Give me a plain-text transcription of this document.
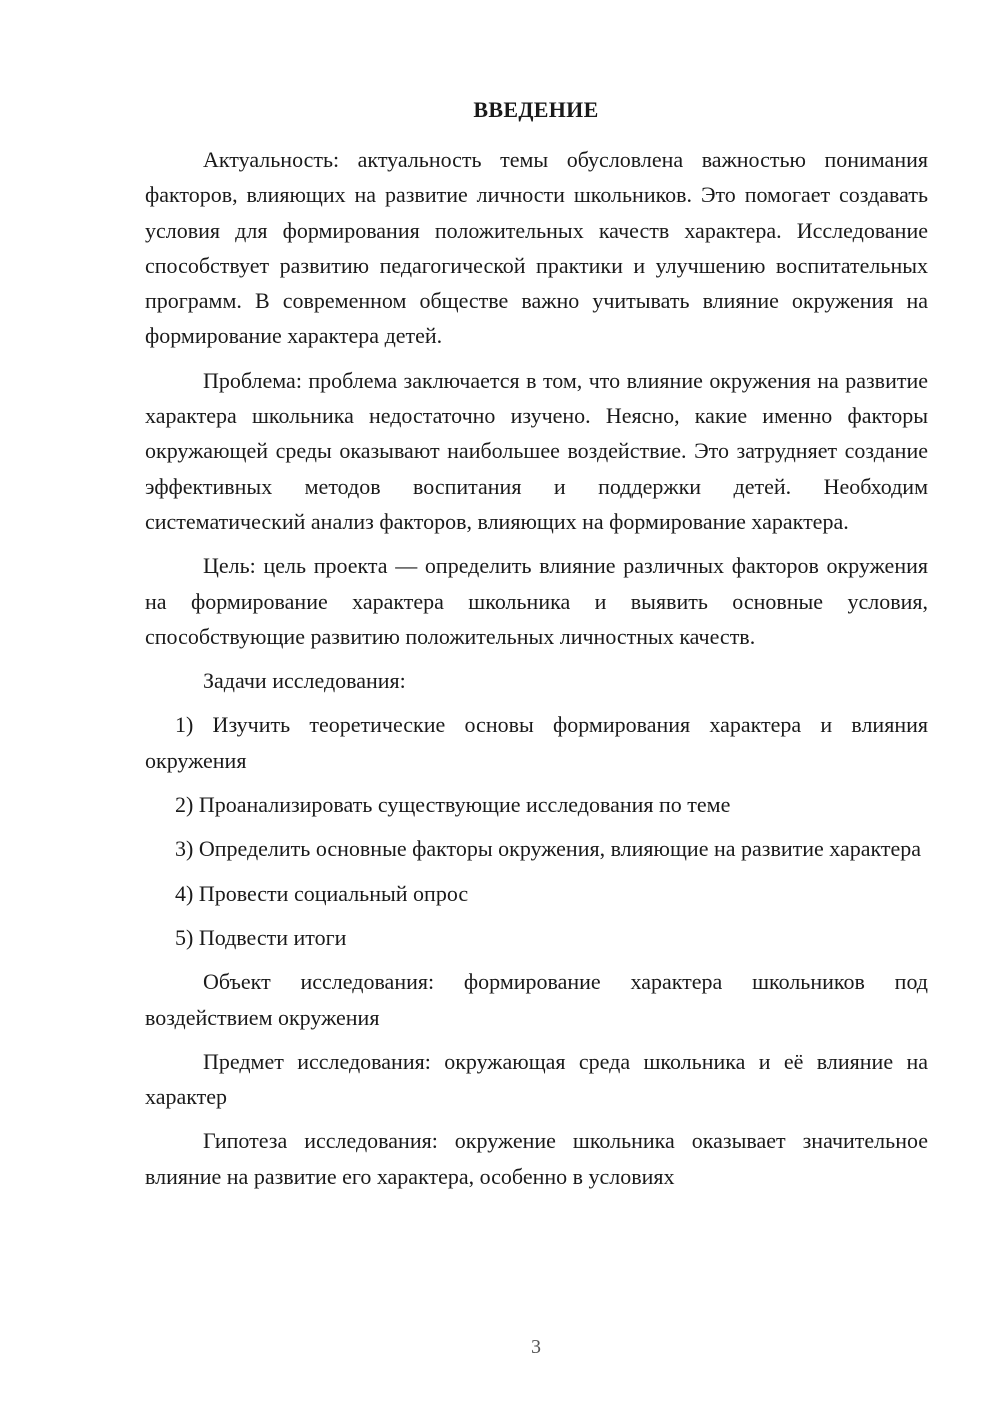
ВВЕДЕНИЕ

Актуальность: актуальность темы обусловлена важностью понимания факторов, влияющих на развитие личности школьников. Это помогает создавать условия для формирования положительных качеств характера. Исследование способствует развитию педагогической практики и улучшению воспитательных программ. В современном обществе важно учитывать влияние окружения на формирование характера детей.

Проблема: проблема заключается в том, что влияние окружения на развитие характера школьника недостаточно изучено. Неясно, какие именно факторы окружающей среды оказывают наибольшее воздействие. Это затрудняет создание эффективных методов воспитания и поддержки детей. Необходим систематический анализ факторов, влияющих на формирование характера.

Цель: цель проекта — определить влияние различных факторов окружения на формирование характера школьника и выявить основные условия, способствующие развитию положительных личностных качеств.

Задачи исследования:

1) Изучить теоретические основы формирования характера и влияния окружения

2) Проанализировать существующие исследования по теме

3) Определить основные факторы окружения, влияющие на развитие характера

4) Провести социальный опрос

5) Подвести итоги

Объект исследования: формирование характера школьников под воздействием окружения

Предмет исследования: окружающая среда школьника и её влияние на характер

Гипотеза исследования: окружение школьника оказывает значительное влияние на развитие его характера, особенно в условиях

3
